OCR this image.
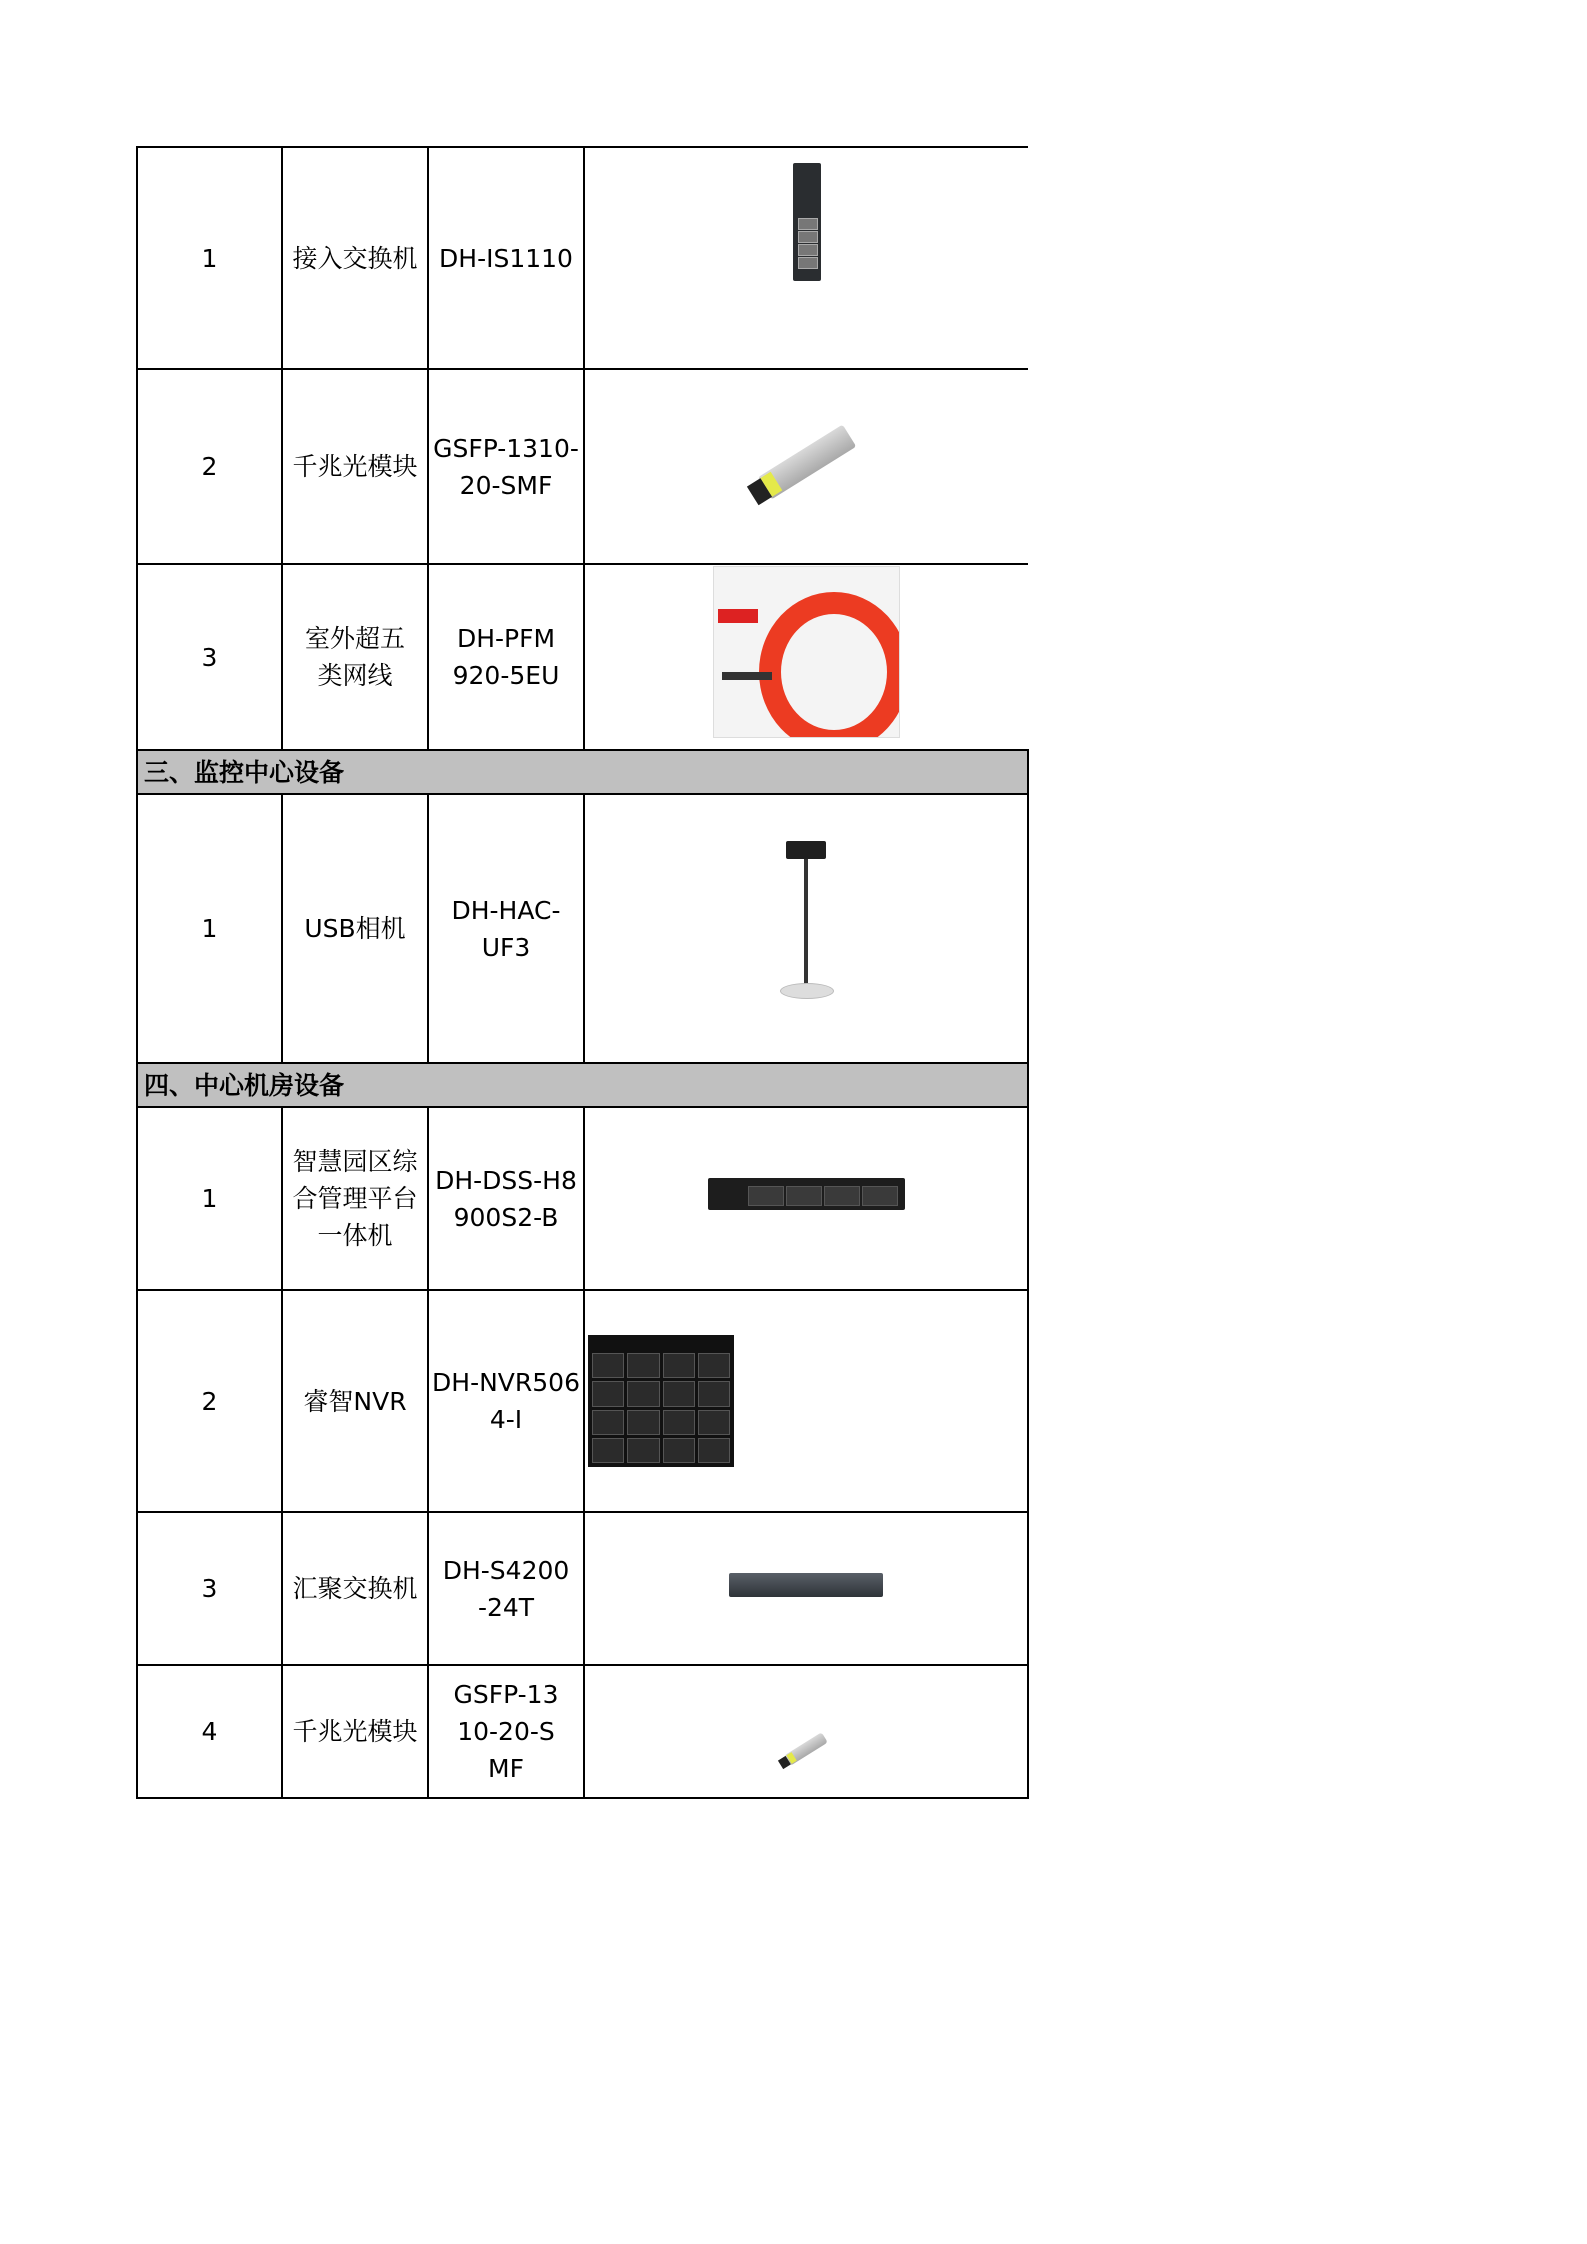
1	接入交换机	DH-IS1110	

2	千兆光模块	GSFP-1310-20-SMF	
3	室外超五类网线	DH-PFM920-5EU	

三、监控中心设备			
1	USB相机	DH-HAC-UF3	

四、中心机房设备			
1	智慧园区综合管理平台一体机	DH-DSS-H8900S2-B	

2	睿智NVR	DH-NVR5064-I	

3	汇聚交换机	DH-S4200-24T	
4	千兆光模块	GSFP-1310-20-SMF	
